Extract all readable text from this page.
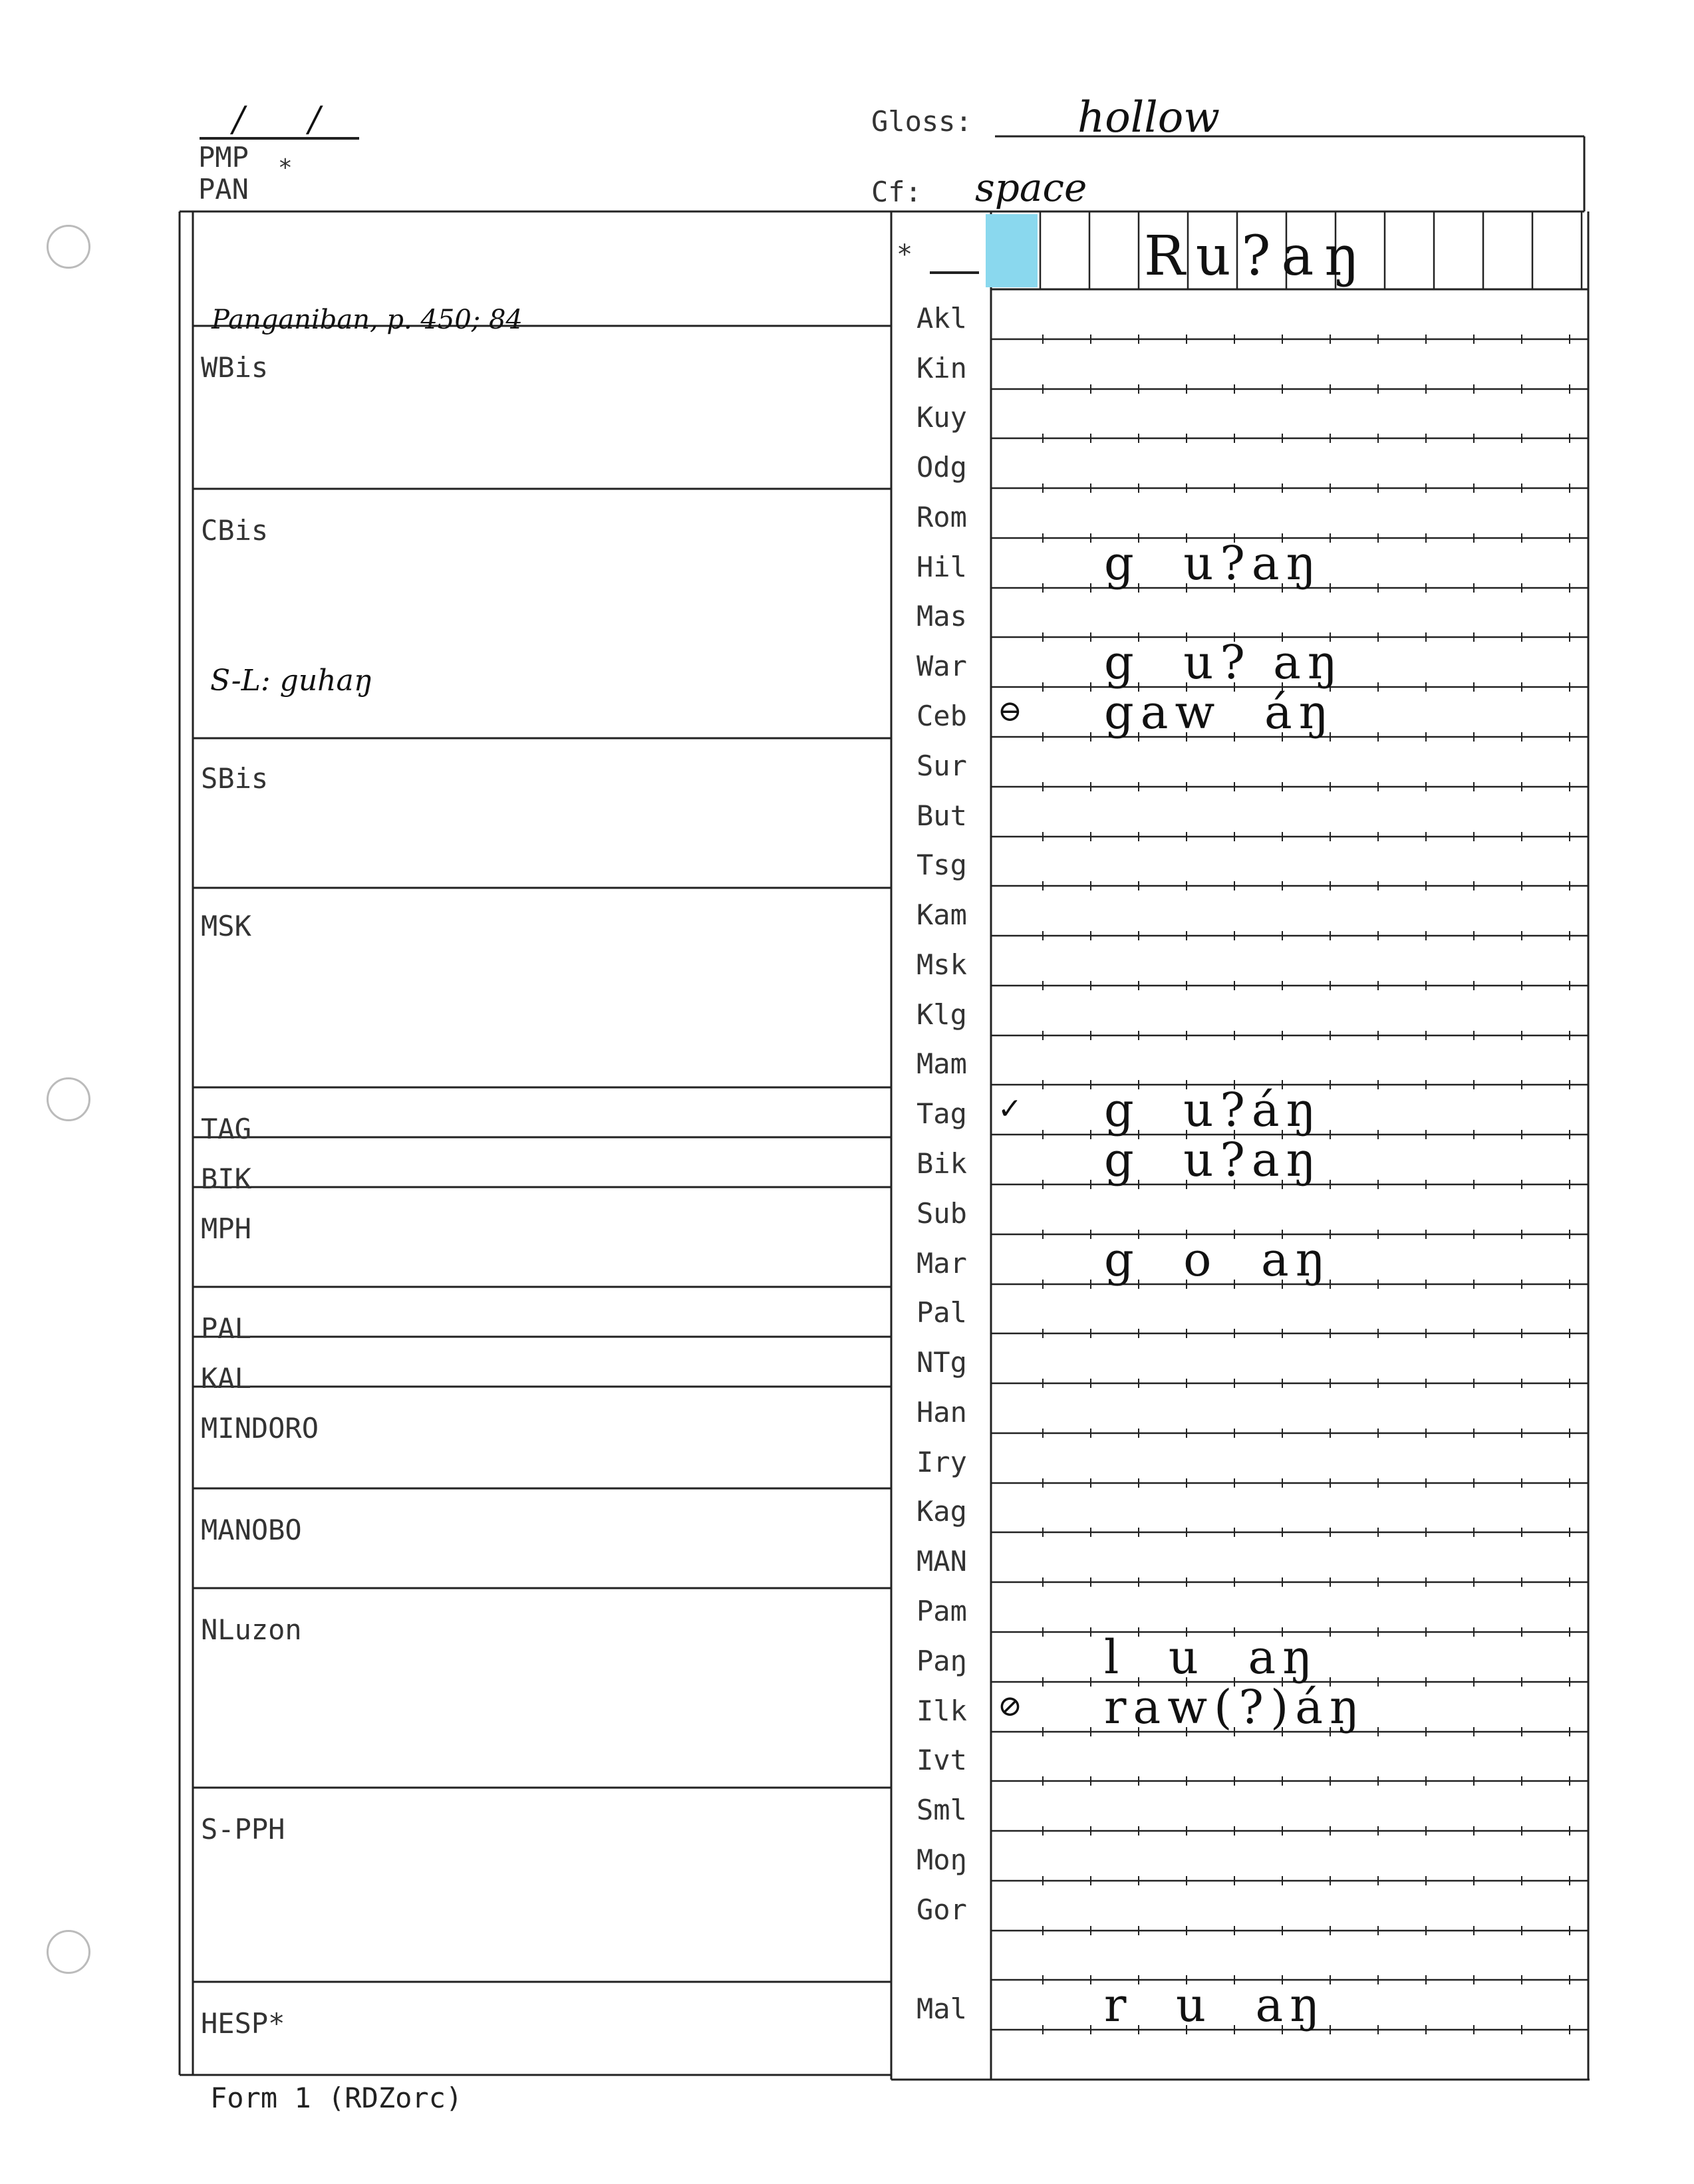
/ /
PMP *
PAN
Gloss: hollow
Cf: space
Panganiban, p. 450; 84
S-L: guhaŋ
WBis
CBis
SBis
MSK
TAG
BIK
MPH
PAL
KAL
MINDORO
MANOBO
NLuzon
S-PPH
HESP*
*	Ru?aŋ
Akl
Kin
Kuy
Odg
Rom
Hil	g  u?aŋ
Mas
War	g  u? aŋ
Ceb ⊖ gaw  áŋ
Sur
But
Tsg
Kam
Msk
Klg
Mam
Tag ✓ g  u?áŋ
Bik	g  u?aŋ
Sub
Mar	g  o  aŋ
Pal
NTg
Han
Iry
Kag
MAN
Pam
Paŋ	l  u  aŋ
Ilk ⊘ raw(?)áŋ
Ivt
Sml
Moŋ
Gor
Mal	r  u  aŋ
Form 1 (RDZorc)
